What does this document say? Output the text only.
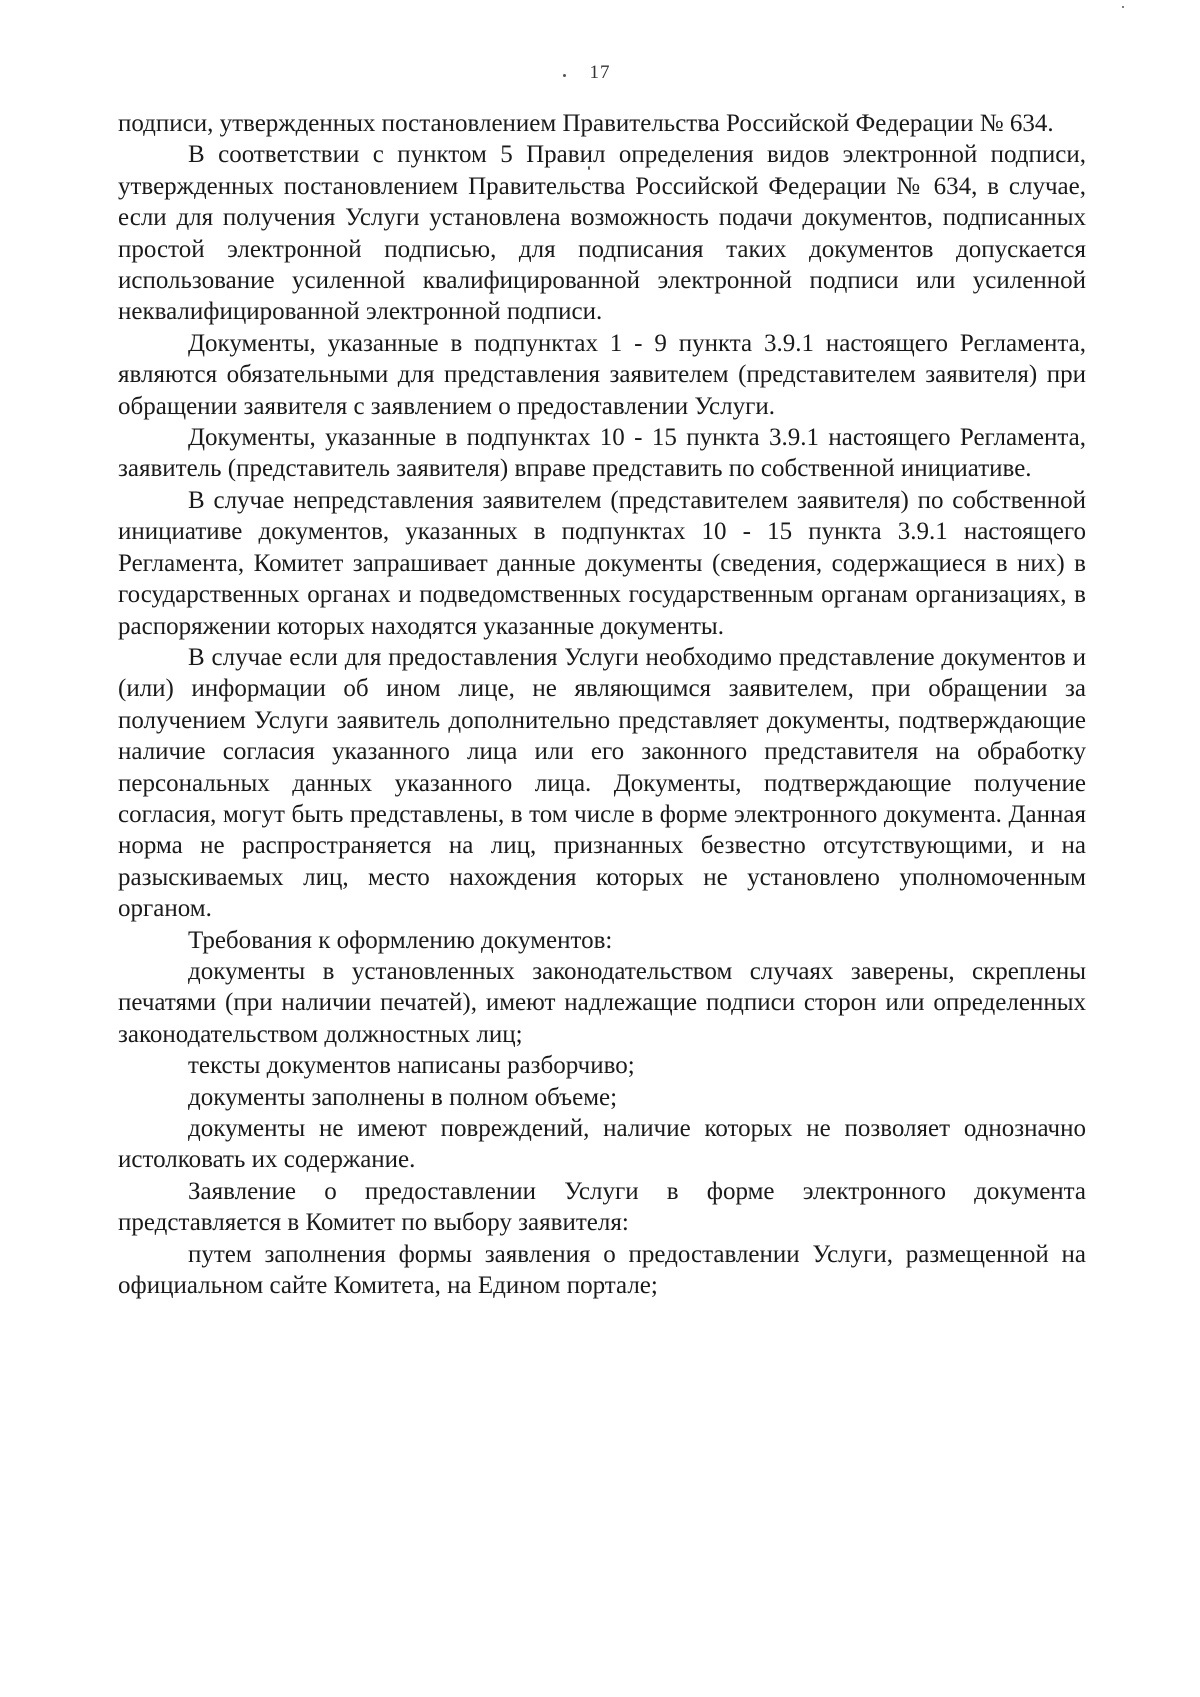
17

подписи, утвержденных постановлением Правительства Российской Федерации № 634.

В соответствии с пунктом 5 Правил определения видов электронной подписи, утвержденных постановлением Правительства Российской Федерации № 634, в случае, если для получения Услуги установлена возможность подачи документов, подписанных простой электронной подписью, для подписания таких документов допускается использование усиленной квалифицированной электронной подписи или усиленной неквалифицированной электронной подписи.

Документы, указанные в подпунктах 1 - 9 пункта 3.9.1 настоящего Регламента, являются обязательными для представления заявителем (представителем заявителя) при обращении заявителя с заявлением о предоставлении Услуги.

Документы, указанные в подпунктах 10 - 15 пункта 3.9.1 настоящего Регламента, заявитель (представитель заявителя) вправе представить по собственной инициативе.

В случае непредставления заявителем (представителем заявителя) по собственной инициативе документов, указанных в подпунктах 10 - 15 пункта 3.9.1 настоящего Регламента, Комитет запрашивает данные документы (сведения, содержащиеся в них) в государственных органах и подведомственных государственным органам организациях, в распоряжении которых находятся указанные документы.

В случае если для предоставления Услуги необходимо представление документов и (или) информации об ином лице, не являющимся заявителем, при обращении за получением Услуги заявитель дополнительно представляет документы, подтверждающие наличие согласия указанного лица или его законного представителя на обработку персональных данных указанного лица. Документы, подтверждающие получение согласия, могут быть представлены, в том числе в форме электронного документа. Данная норма не распространяется на лиц, признанных безвестно отсутствующими, и на разыскиваемых лиц, место нахождения которых не установлено уполномоченным органом.

Требования к оформлению документов:

документы в установленных законодательством случаях заверены, скреплены печатями (при наличии печатей), имеют надлежащие подписи сторон или определенных законодательством должностных лиц;

тексты документов написаны разборчиво;

документы заполнены в полном объеме;

документы не имеют повреждений, наличие которых не позволяет однозначно истолковать их содержание.

Заявление о предоставлении Услуги в форме электронного документа представляется в Комитет по выбору заявителя:

путем заполнения формы заявления о предоставлении Услуги, размещенной на официальном сайте Комитета, на Едином портале;
